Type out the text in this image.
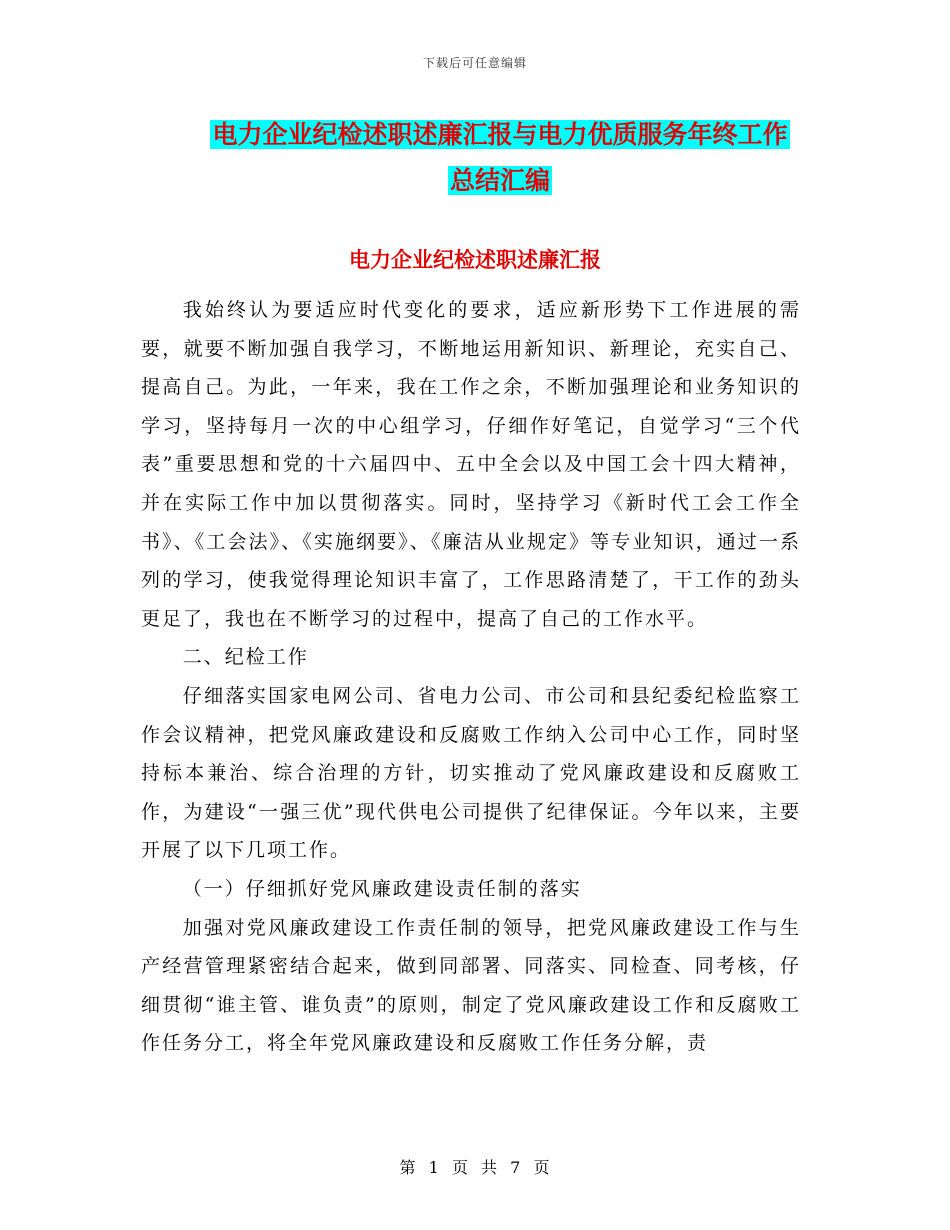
下载后可任意编辑
电力企业纪检述职述廉汇报与电力优质服务年终工作
总结汇编
电力企业纪检述职述廉汇报

我始终认为要适应时代变化的要求，适应新形势下工作进展的需要，就要不断加强自我学习，不断地运用新知识、新理论，充实自己、提高自己。为此，一年来，我在工作之余，不断加强理论和业务知识的学习，坚持每月一次的中心组学习，仔细作好笔记，自觉学习“三个代表”重要思想和党的十六届四中、五中全会以及中国工会十四大精神，并在实际工作中加以贯彻落实。同时，坚持学习《新时代工会工作全书》、《工会法》、《实施纲要》、《廉洁从业规定》等专业知识，通过一系列的学习，使我觉得理论知识丰富了，工作思路清楚了，干工作的劲头更足了，我也在不断学习的过程中，提高了自己的工作水平。

二、纪检工作

仔细落实国家电网公司、省电力公司、市公司和县纪委纪检监察工作会议精神，把党风廉政建设和反腐败工作纳入公司中心工作，同时坚持标本兼治、综合治理的方针，切实推动了党风廉政建设和反腐败工作，为建设“一强三优”现代供电公司提供了纪律保证。今年以来，主要开展了以下几项工作。

（一）仔细抓好党风廉政建设责任制的落实

加强对党风廉政建设工作责任制的领导，把党风廉政建设工作与生产经营管理紧密结合起来，做到同部署、同落实、同检查、同考核，仔细贯彻“谁主管、谁负责”的原则，制定了党风廉政建设工作和反腐败工作任务分工，将全年党风廉政建设和反腐败工作任务分解，责

第 1 页 共 7 页
